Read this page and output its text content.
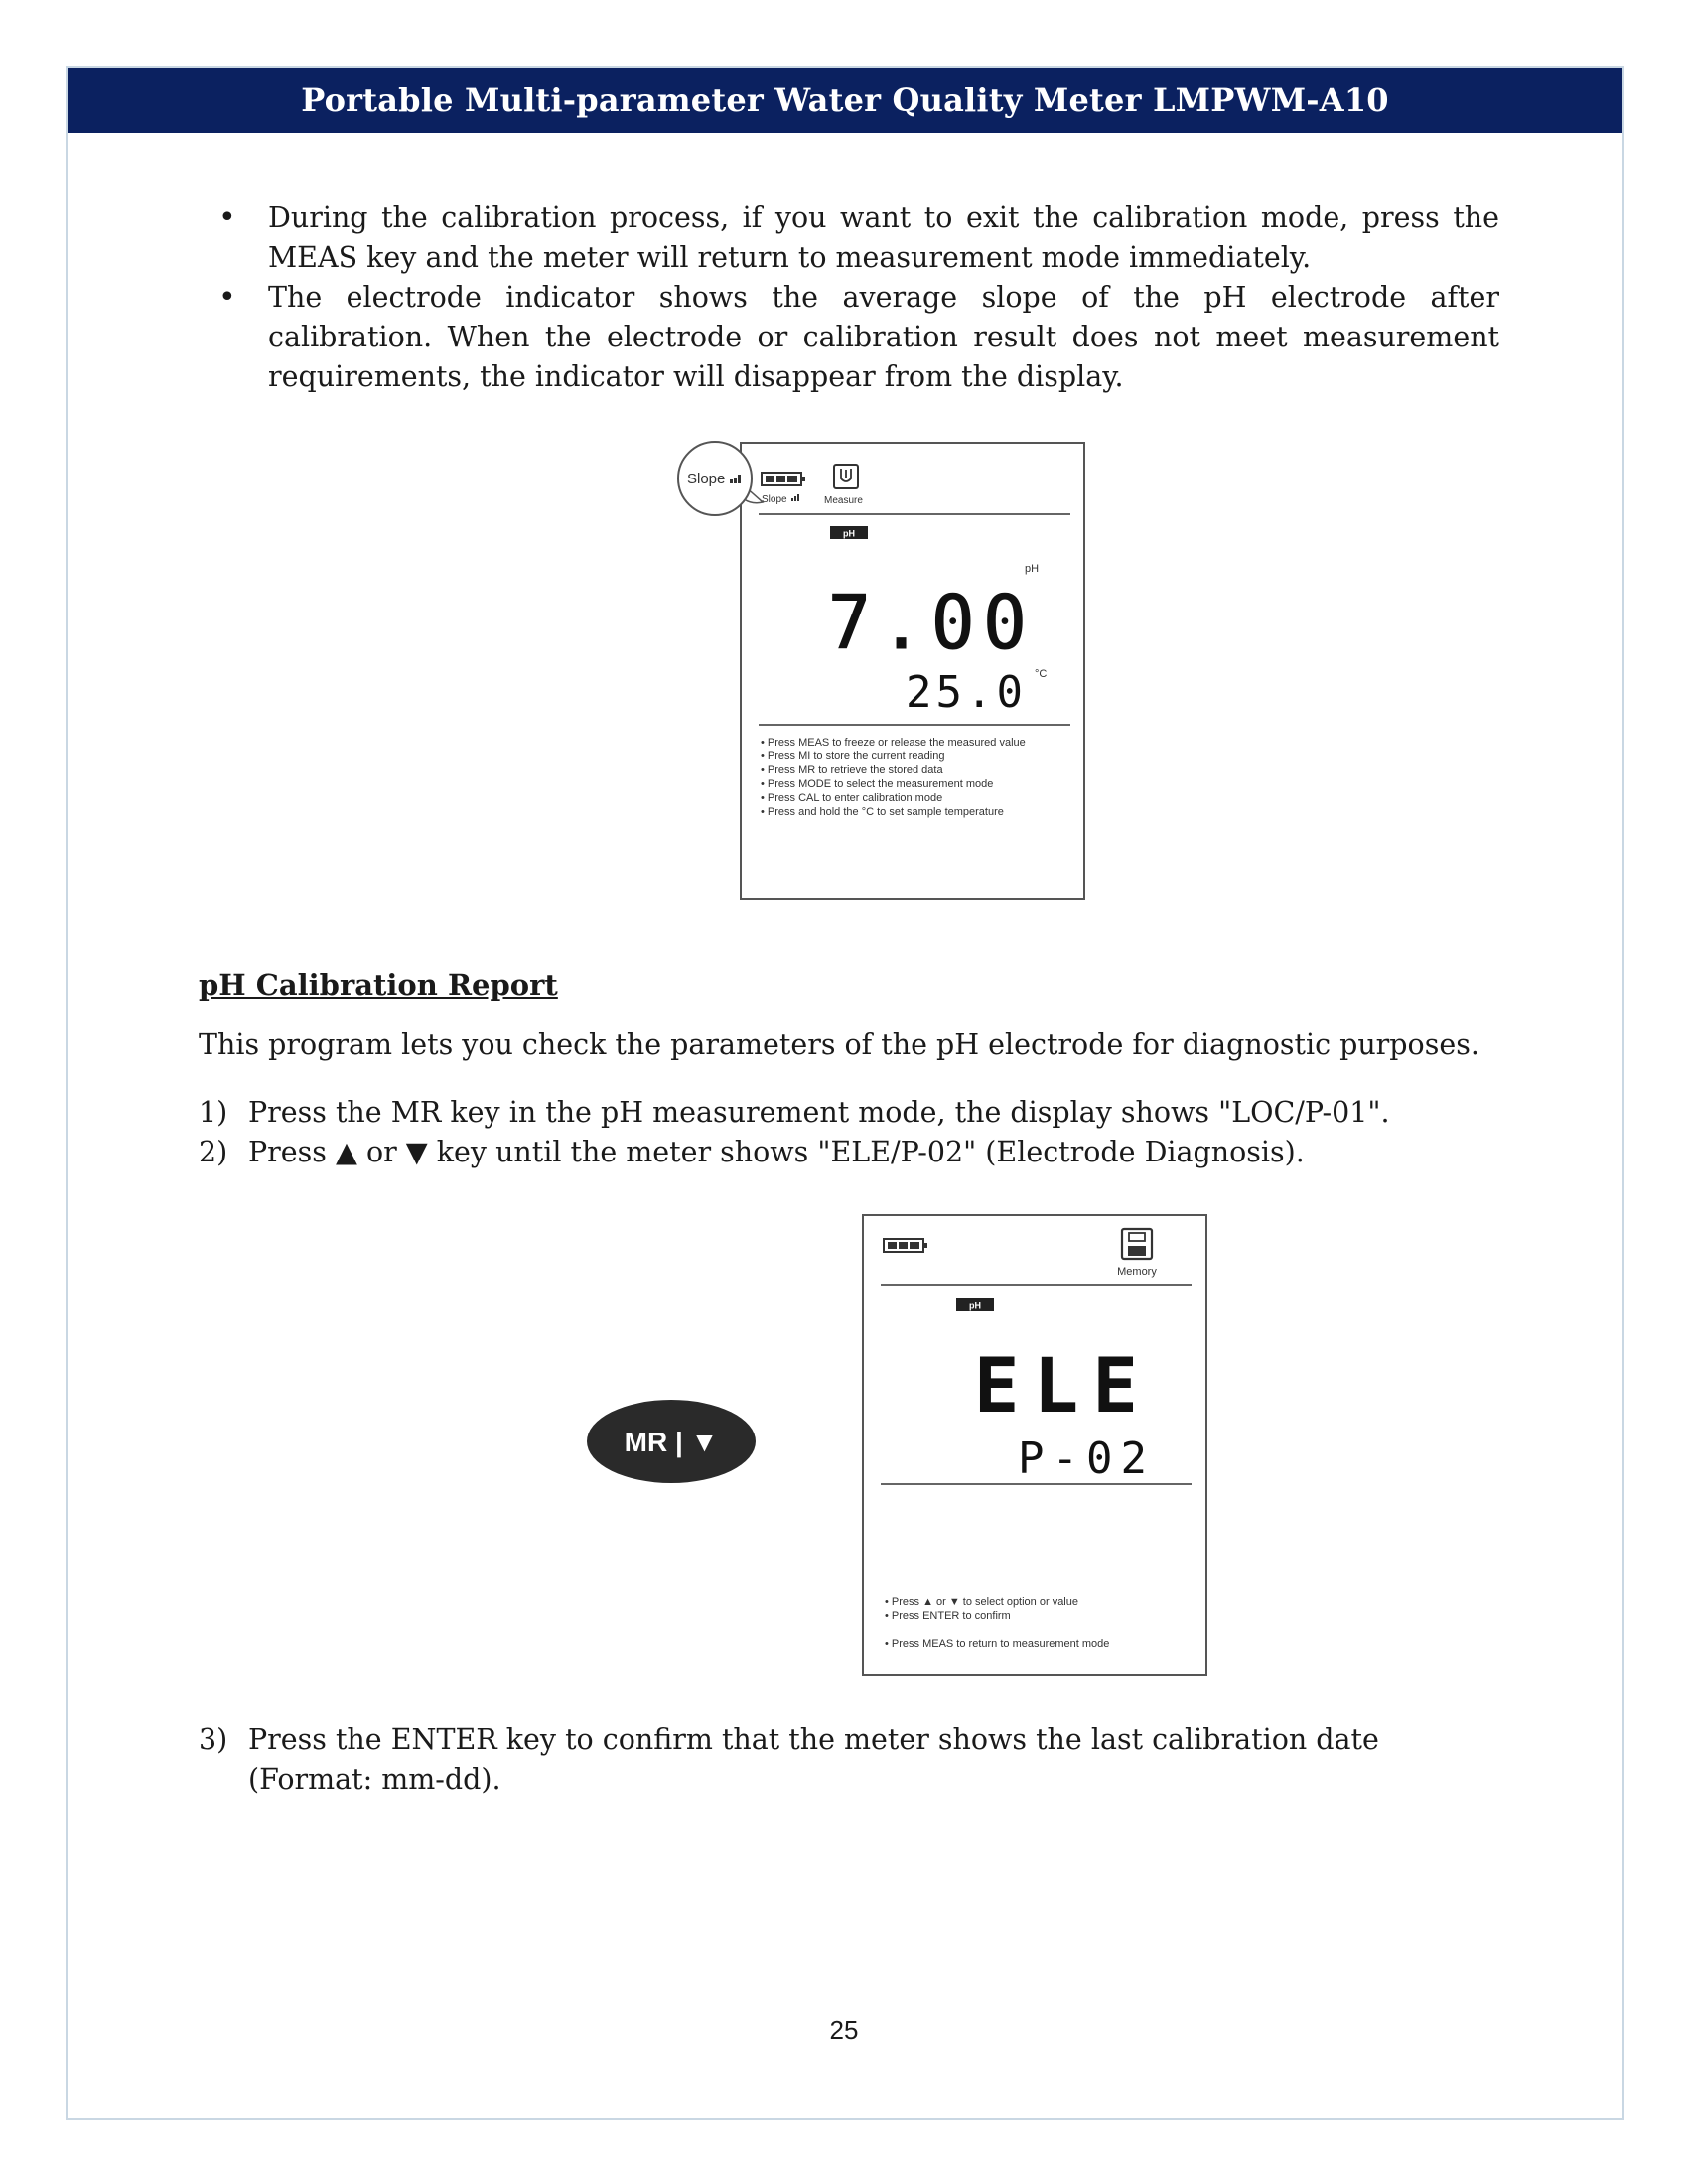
Portable Multi-parameter Water Quality Meter LMPWM-A10
• During the calibration process, if you want to exit the calibration mode, press the MEAS key and the meter will return to measurement mode immediately.
• The electrode indicator shows the average slope of the pH electrode after calibration. When the electrode or calibration result does not meet measurement requirements, the indicator will disappear from the display.
Slope
Slope	Measure
pH
pH
7.00
25.0 °C
• Press MEAS to freeze or release the measured value
• Press MI to store the current reading
• Press MR to retrieve the stored data
• Press MODE to select the measurement mode
• Press CAL to enter calibration mode
• Press and hold the °C to set sample temperature
pH Calibration Report

This program lets you check the parameters of the pH electrode for diagnostic purposes.

1) Press the MR key in the pH measurement mode, the display shows "LOC/P-01".
2) Press ▲ or ▼ key until the meter shows "ELE/P-02" (Electrode Diagnosis).
MR | ▼
Memory
pH
ELE
P-02
• Press ▲ or ▼ to select option or value
• Press ENTER to confirm
• Press MEAS to return to measurement mode
3) Press the ENTER key to confirm that the meter shows the last calibration date (Format: mm-dd).

25
